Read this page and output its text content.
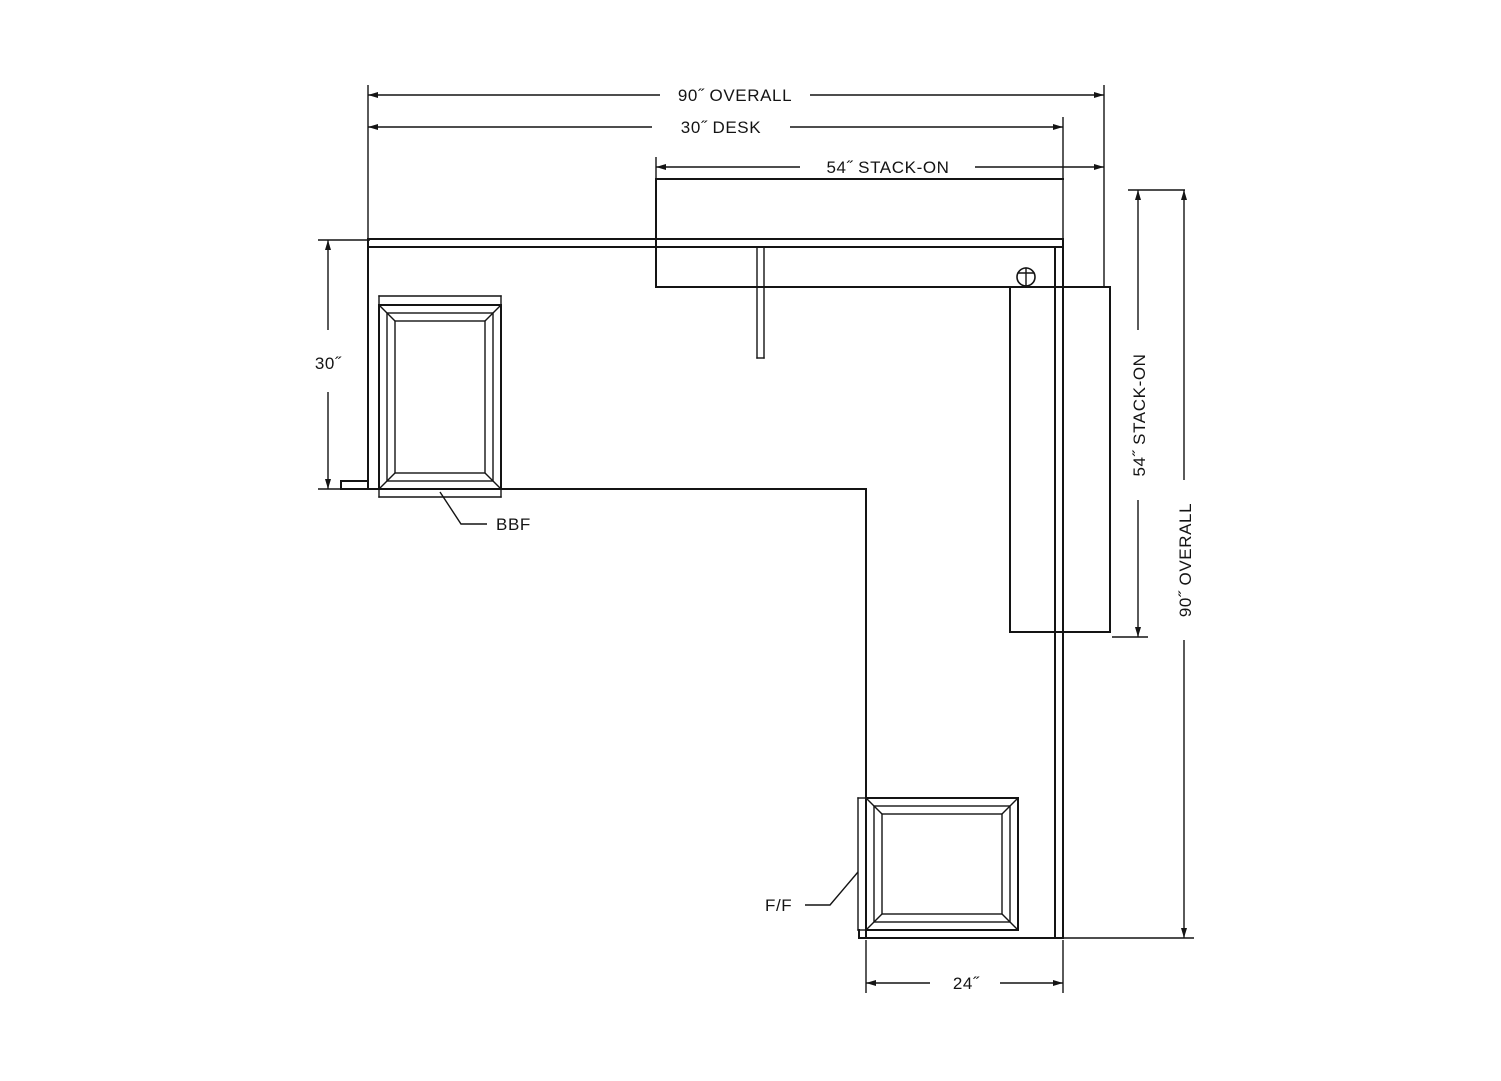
BBF
F/F
90˝ OVERALL
30˝ DESK
54˝ STACK-ON
30˝	54˝ STACK-ON
90˝ OVERALL
24˝
